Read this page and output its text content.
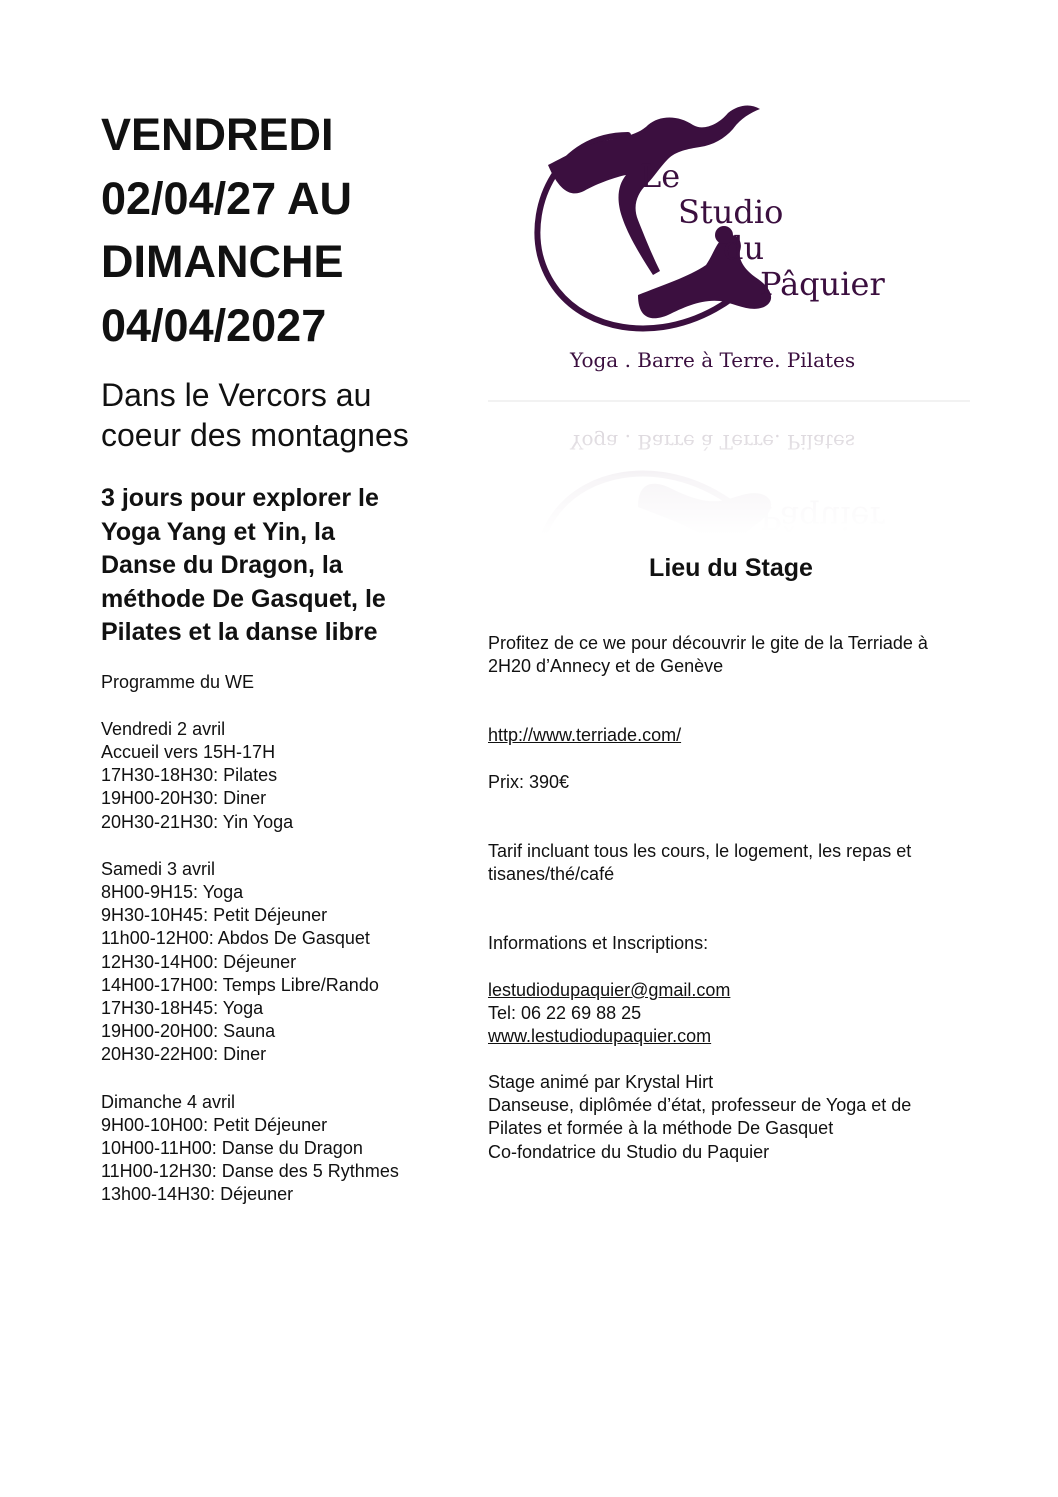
VENDREDI
02/04/27 AU
DIMANCHE
04/04/2027

Dans le Vercors au
coeur des montagnes

3 jours pour explorer le
Yoga Yang et Yin, la
Danse du Dragon, la
méthode De Gasquet, le
Pilates et la danse libre

Programme du WE

Vendredi 2 avril
Accueil vers 15H-17H
17H30-18H30: Pilates
19H00-20H30: Diner
20H30-21H30: Yin Yoga
Samedi 3 avril
8H00-9H15: Yoga
9H30-10H45: Petit Déjeuner
11h00-12H00: Abdos De Gasquet
12H30-14H00: Déjeuner
14H00-17H00: Temps Libre/Rando
17H30-18H45: Yoga
19H00-20H00: Sauna
20H30-22H00: Diner
Dimanche 4 avril
9H00-10H00: Petit Déjeuner
10H00-11H00: Danse du Dragon
11H00-12H30: Danse des 5 Rythmes
13h00-14H30: Déjeuner
Le
Studio
du
Pâquier
Yoga . Barre à Terre. Pilates
Lieu du Stage

Profitez de ce we pour découvrir le gite de la Terriade à
2H20 d’Annecy et de Genève

http://www.terriade.com/

Prix: 390€

Tarif incluant tous les cours, le logement, les repas et
tisanes/thé/café

Informations et Inscriptions:

lestudiodupaquier@gmail.com
Tel: 06 22 69 88 25
www.lestudiodupaquier.com

Stage animé par Krystal Hirt
Danseuse, diplômée d’état, professeur de Yoga et de
Pilates et formée à la méthode De Gasquet
Co-fondatrice du Studio du Paquier
